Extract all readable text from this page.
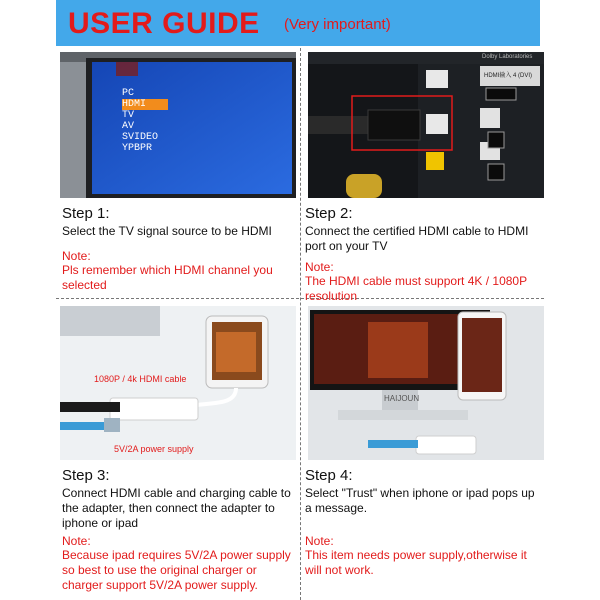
USER GUIDE (Very important)
PC
HDMI
TV
AV
SVIDEO
YPBPR
HDMI输入 4 (DVI)
Dolby Laboratories
Step 1:
Select the TV signal source to be HDMI
Note:
Pls remember which HDMI channel you selected
Step 2:
Connect the certified HDMI cable to HDMI port on your TV
Note:
The HDMI cable must support 4K / 1080P resolution
1080P / 4k HDMI cable
5V/2A power supply
HAIJOUN
Step 3:
Connect HDMI cable and charging cable to the adapter, then connect the adapter to iphone or ipad
Note:
Because ipad requires 5V/2A power supply so best to use the original charger or charger support 5V/2A power supply.
Step 4:
Select "Trust" when iphone or ipad pops up a message.
Note:
This item needs power supply,otherwise it will not work.
